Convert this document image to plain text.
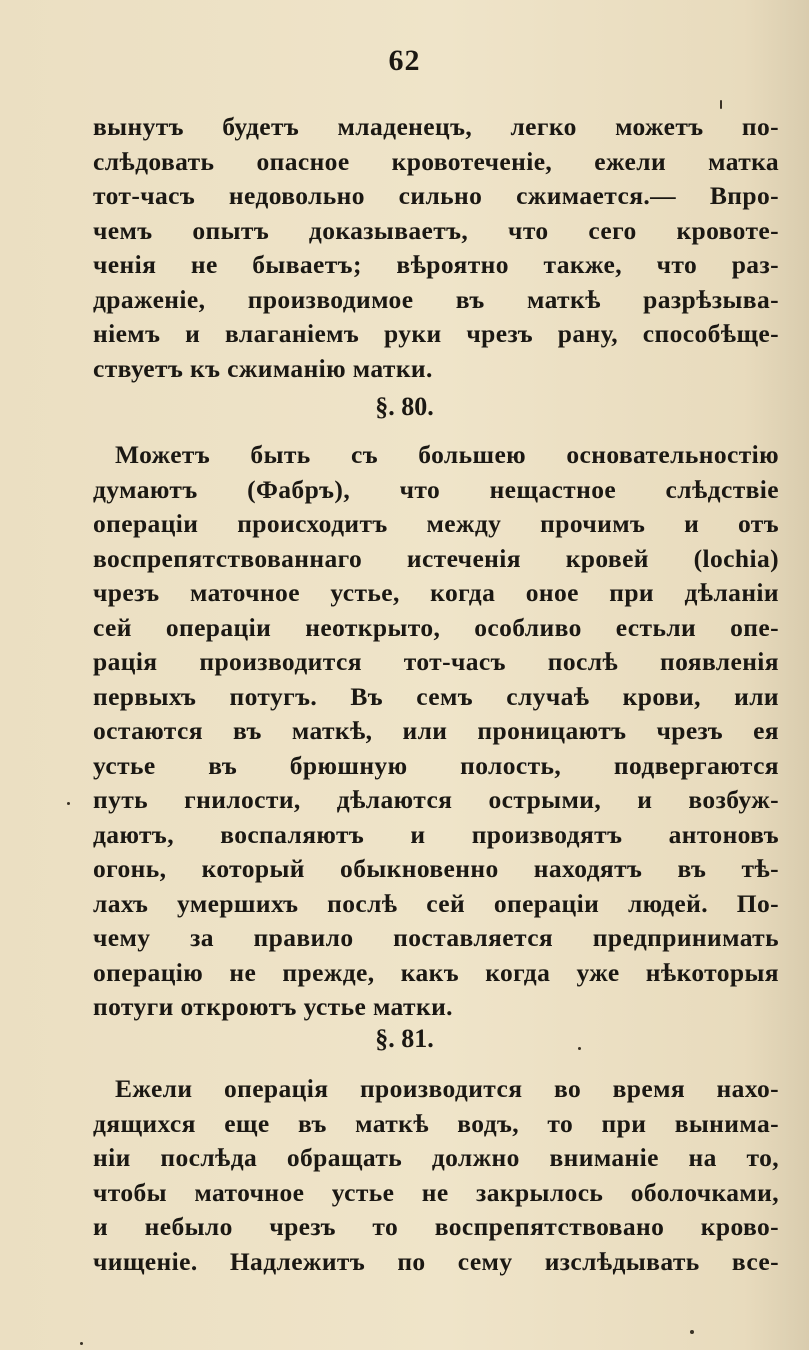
62
вынутъ будетъ младенецъ, легко можетъ по-
слѣдовать опасное кровотеченіе, ежели матка
тот-часъ недовольно сильно сжимается.— Впро-
чемъ опытъ доказываетъ, что сего кровоте-
ченія не бываетъ; вѣроятно также, что раз-
драженіе, производимое въ маткѣ разрѣзыва-
ніемъ и влаганіемъ руки чрезъ рану, способѣще-
ствуетъ къ сжиманію матки.
§. 80.
Можетъ быть съ большею основательностію
думаютъ (Фабръ), что нещастное слѣдствіе
операціи происходитъ между прочимъ и отъ
воспрепятствованнаго истеченія кровей (lochia)
чрезъ маточное устье, когда оное при дѣланіи
сей операціи неоткрыто, особливо естьли опе-
рація производится тот-часъ послѣ появленія
первыхъ потугъ. Въ семъ случаѣ крови, или
остаются въ маткѣ, или проницаютъ чрезъ ея
устье въ брюшную полость, подвергаются
путь гнилости, дѣлаются острыми, и возбуж-
даютъ, воспаляютъ и производятъ антоновъ
огонь, который обыкновенно находятъ въ тѣ-
лахъ умершихъ послѣ сей операціи людей. По-
чему за правило поставляется предпринимать
операцію не прежде, какъ когда уже нѣкоторыя
потуги откроютъ устье матки.
§. 81.
Ежели операція производится во время нахо-
дящихся еще въ маткѣ водъ, то при вынима-
ніи послѣда обращать должно вниманіе на то,
чтобы маточное устье не закрылось оболочками,
и небыло чрезъ то воспрепятствовано крово-
чищеніе. Надлежитъ по сему изслѣдывать все-
